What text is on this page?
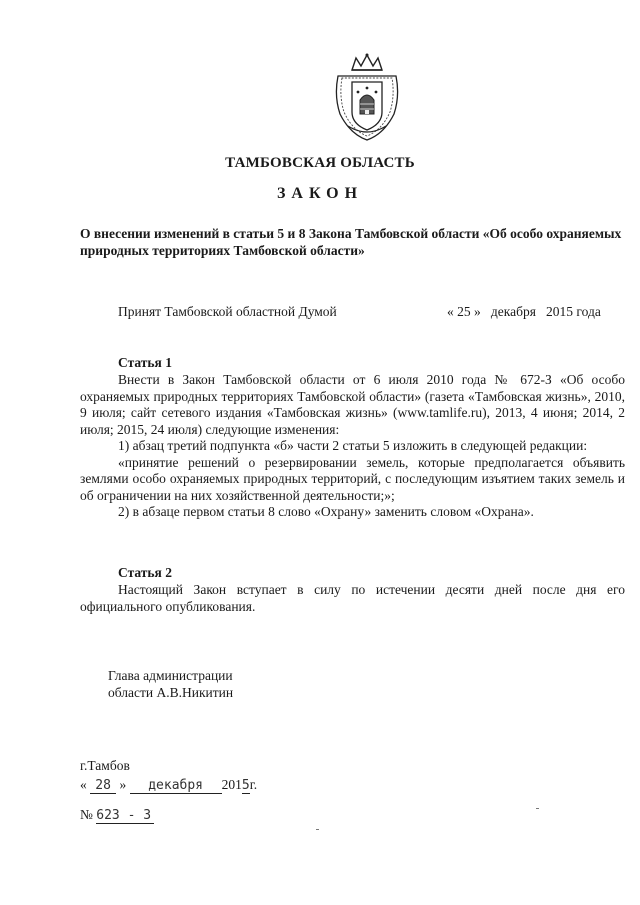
ТАМБОВСКАЯ ОБЛАСТЬ
ЗАКОН
О внесении изменений в статьи 5 и 8 Закона Тамбовской области «Об особо охраняемых природных территориях Тамбовской области»
Принят Тамбовской областной Думой	« 25 »   декабря   2015 года
Статья 1
Внести в Закон Тамбовской области от 6 июля 2010 года № 672-З «Об особо охраняемых природных территориях Тамбовской области» (газета «Тамбовская жизнь», 2010, 9 июля; сайт сетевого издания «Тамбовская жизнь» (www.tamlife.ru), 2013, 4 июня; 2014, 2 июля; 2015, 24 июля) следующие изменения:
1) абзац третий подпункта «б» части 2 статьи 5 изложить в следующей редакции:
«принятие решений о резервировании земель, которые предполагается объявить землями особо охраняемых природных территорий, с последующим изъятием таких земель и об ограничении на них хозяйственной деятельности;»;
2) в абзаце первом статьи 8 слово «Охрану» заменить словом «Охрана».
Статья 2
Настоящий Закон вступает в силу по истечении десяти дней после дня его официального опубликования.
Глава администрации
области А.В.Никитин
г.Тамбов
« 28 » декабря 2015г.
№ 623 - З
